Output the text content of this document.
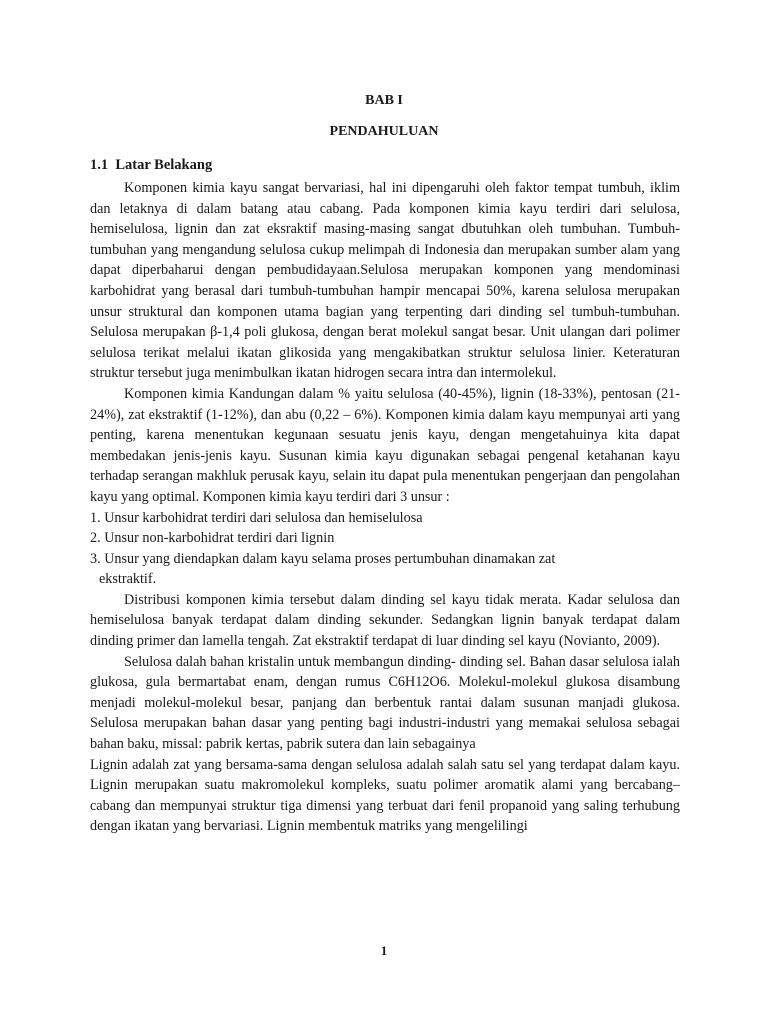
BAB I
PENDAHULUAN
1.1  Latar Belakang

Komponen kimia kayu sangat bervariasi, hal ini dipengaruhi oleh faktor tempat tumbuh, iklim dan letaknya di dalam batang atau cabang. Pada komponen kimia kayu terdiri dari selulosa, hemiselulosa, lignin dan zat eksraktif masing-masing sangat dbutuhkan oleh tumbuhan. Tumbuh-tumbuhan yang mengandung selulosa cukup melimpah di Indonesia dan merupakan sumber alam yang dapat diperbaharui dengan pembudidayaan.Selulosa merupakan komponen yang mendominasi karbohidrat yang berasal dari tumbuh-tumbuhan hampir mencapai 50%, karena selulosa merupakan unsur struktural dan komponen utama bagian yang terpenting dari dinding sel tumbuh-tumbuhan. Selulosa merupakan β-1,4 poli glukosa, dengan berat molekul sangat besar. Unit ulangan dari polimer selulosa terikat melalui ikatan glikosida yang mengakibatkan struktur selulosa linier. Keteraturan struktur tersebut juga menimbulkan ikatan hidrogen secara intra dan intermolekul.

Komponen kimia Kandungan dalam % yaitu selulosa (40-45%), lignin (18-33%), pentosan (21-24%), zat ekstraktif (1-12%), dan abu (0,22 – 6%). Komponen kimia dalam kayu mempunyai arti yang penting, karena menentukan kegunaan sesuatu jenis kayu, dengan mengetahuinya kita dapat membedakan jenis-jenis kayu. Susunan kimia kayu digunakan sebagai pengenal ketahanan kayu terhadap serangan makhluk perusak kayu, selain itu dapat pula menentukan pengerjaan dan pengolahan kayu yang optimal. Komponen kimia kayu terdiri dari 3 unsur :

1. Unsur karbohidrat terdiri dari selulosa dan hemiselulosa
2. Unsur non-karbohidrat terdiri dari lignin
3. Unsur yang diendapkan dalam kayu selama proses pertumbuhan dinamakan zat
ekstraktif.

Distribusi komponen kimia tersebut dalam dinding sel kayu tidak merata. Kadar selulosa dan hemiselulosa banyak terdapat dalam dinding sekunder. Sedangkan lignin banyak terdapat dalam dinding primer dan lamella tengah. Zat ekstraktif terdapat di luar dinding sel kayu (Novianto, 2009).

Selulosa dalah bahan kristalin untuk membangun dinding- dinding sel. Bahan dasar selulosa ialah glukosa, gula bermartabat enam, dengan rumus C6H12O6. Molekul-molekul glukosa disambung menjadi molekul-molekul besar, panjang dan berbentuk rantai dalam susunan manjadi glukosa. Selulosa merupakan bahan dasar yang penting bagi industri-industri yang memakai selulosa sebagai bahan baku, missal: pabrik kertas, pabrik sutera dan lain sebagainya

Lignin adalah zat yang bersama-sama dengan selulosa adalah salah satu sel yang terdapat dalam kayu. Lignin merupakan suatu makromolekul kompleks, suatu polimer aromatik alami yang bercabang–cabang dan mempunyai struktur tiga dimensi yang terbuat dari fenil propanoid yang saling terhubung dengan ikatan yang bervariasi. Lignin membentuk matriks yang mengelilingi

1
